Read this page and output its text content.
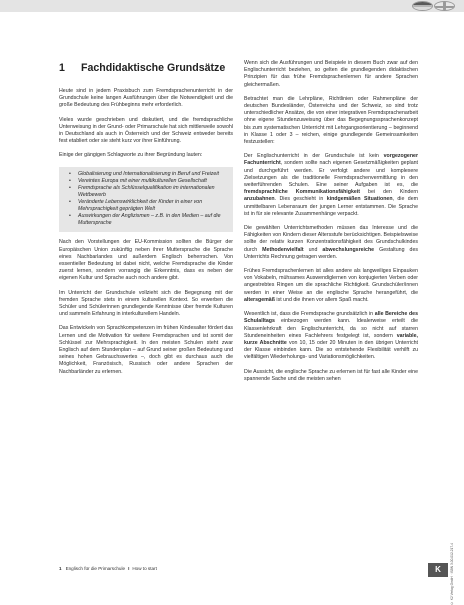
1 Fachdidaktische Grundsätze

Heute sind in jedem Praxisbuch zum Fremdsprachenunterricht in der Grundschule keine langen Ausführungen über die Notwendigkeit und die große Bedeutung des Frühbeginns mehr erforderlich.

Vieles wurde geschrieben und diskutiert, und die fremdsprachliche Unterweisung in der Grund- oder Primarschule hat sich mittlerweile sowohl in Deutschland als auch in Österreich und der Schweiz entweder bereits fest etabliert oder sie steht kurz vor ihrer Einführung.

Einige der gängigen Schlagworte zu ihrer Begründung lauten:

• Globalisierung und Internationalisierung in Beruf und Freizeit
• Vereintes Europa mit einer multikulturellen Gesellschaft
• Fremdsprache als Schlüsselqualifikation im internationalen Wettbewerb
• Veränderte Lebenswirklichkeit der Kinder in einer von Mehrsprachigkeit geprägten Welt
• Auswirkungen der Anglizismen – z.B. in den Medien – auf die Muttersprache

Nach den Vorstellungen der EU-Kommission sollten die Bürger der Europäischen Union zukünftig neben ihrer Muttersprache die Sprache eines Nachbarlandes und außerdem Englisch beherrschen. Von essentieller Bedeutung ist dabei nicht, welche Fremdsprache die Kinder zuerst lernen, sondern vorrangig die Erkenntnis, dass es neben der eigenen Kultur und Sprache auch noch andere gibt.

Im Unterricht der Grundschule vollzieht sich die Begegnung mit der fremden Sprache stets in einem kulturellen Kontext. So erwerben die Schüler und Schülerinnen grundlegende Kenntnisse über fremde Kulturen und sammeln Erfahrung in interkulturellem Handeln.

Das Entwickeln von Sprachkompetenzen im frühen Kindesalter fördert das Lernen und die Motivation für weitere Fremdsprachen und ist somit der Schlüssel zur Mehrsprachigkeit. In den meisten Schulen steht zwar Englisch auf dem Stundenplan – auf Grund seiner großen Bedeutung und seines hohen Gebrauchswertes –, doch gibt es durchaus auch die Möglichkeit, Französisch, Russisch oder andere Sprachen der Nachbarländer zu erlernen.

Wenn sich die Ausführungen und Beispiele in diesem Buch zwar auf den Englischunterricht beziehen, so gelten die grundlegenden didaktischen Prinzipien für das frühe Fremdsprachenlernen für andere Sprachen gleichermaßen.

Betrachtet man die Lehrpläne, Richtlinien oder Rahmenpläne der deutschen Bundesländer, Österreichs und der Schweiz, so sind trotz unterschiedlicher Ansätze, die von einer integrativen Fremdsprachenarbeit ohne eigene Stundenzuweisung über das Begegnungssprachenkonzept bis zum systematischen Unterricht mit Lehrgangsorientierung – beginnend in Klasse 1 oder 3 – reichen, einige grundlegende Gemeinsamkeiten festzustellen:

Der Englischunterricht in der Grundschule ist kein vorgezogener Fachunterricht, sondern sollte nach eigenen Gesetzmäßigkeiten geplant und durchgeführt werden. Er verfolgt andere und komplexere Zielsetzungen als die traditionelle Fremdsprachenvermittlung in den weiterführenden Schulen. Eine seiner Aufgaben ist es, die fremdsprachliche Kommunikationsfähigkeit bei den Kindern anzubahnen. Dies geschieht in kindgemäßen Situationen, die dem unmittelbaren Lebensraum der jungen Lerner entstammen. Die Sprache ist in für sie relevante Zusammenhänge verpackt.

Die gewählten Unterrichtsmethoden müssen das Interesse und die Fähigkeiten von Kindern dieser Altersstufe berücksichtigen. Beispielsweise sollte der relativ kurzen Konzentrationsfähigkeit des Grundschulkindes durch Methodenvielfalt und abwechslungsreiche Gestaltung des Unterrichts Rechnung getragen werden.

Frühes Fremdsprachenlernen ist alles andere als langweiliges Einpauken von Vokabeln, mühsames Auswendiglernen von konjugierten Verben oder angestrebtes Ringen um die sprachliche Richtigkeit. Grundschüler/innen werden in einer Weise an die englische Sprache herangeführt, die altersgemäß ist und die ihnen vor allem Spaß macht.

Wesentlich ist, dass die Fremdsprache grundsätzlich in alle Bereiche des Schulalltags einbezogen werden kann. Idealerweise erteilt die Klassenlehrkraft den Englischunterricht, da so nicht auf starren Stundeneinheiten eines Fachlehrers festgelegt ist, sondern variable, kurze Abschnitte von 10, 15 oder 20 Minuten in den übrigen Unterricht der Klasse einbinden kann. Die so entstehende Flexibilität verhilft zu vielfältigen Wiederholungs- und Variationsmöglichkeiten.

Die Aussicht, die englische Sprache zu erlernen ist für fast alle Kinder eine spannende Sache und die meisten sehen

1 Englisch für die Primarschule I How to start	K	© K2 Verlag GmbH · ISBN 3-00-012-217-4
